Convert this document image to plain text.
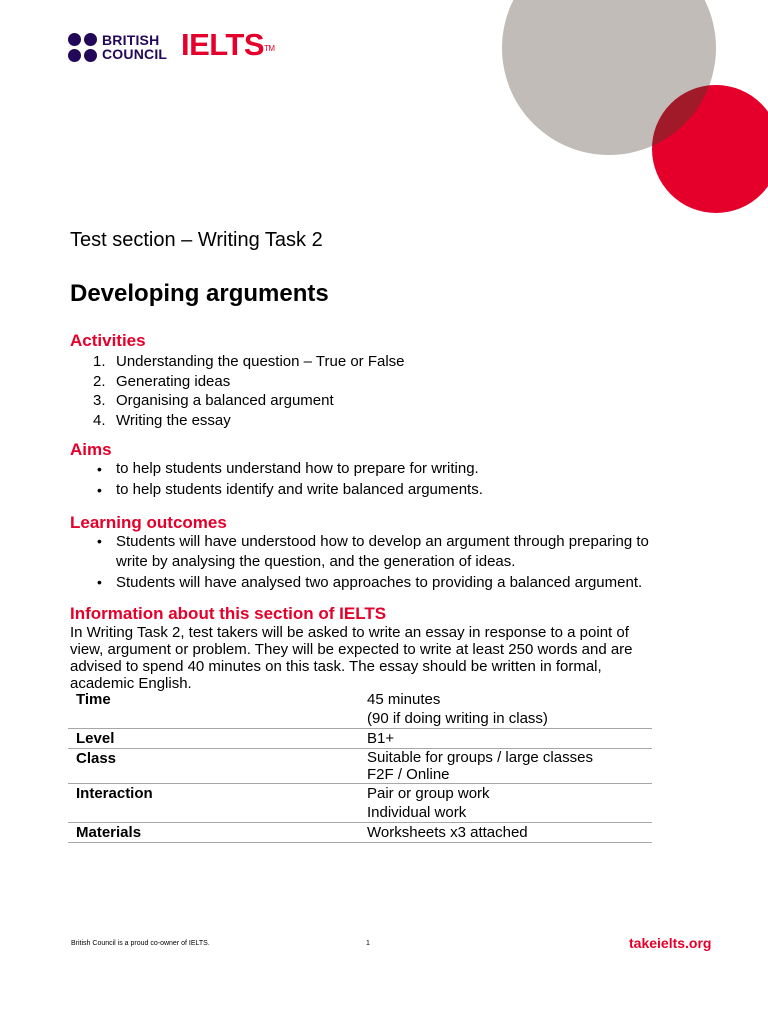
BRITISH
COUNCIL IELTS™
Test section – Writing Task 2
Developing arguments
Activities
1. Understanding the question – True or False
2. Generating ideas
3. Organising a balanced argument
4. Writing the essay
Aims
• to help students understand how to prepare for writing.
• to help students identify and write balanced arguments.
Learning outcomes
• Students will have understood how to develop an argument through preparing to write by analysing the question, and the generation of ideas.
• Students will have analysed two approaches to providing a balanced argument.
Information about this section of IELTS

In Writing Task 2, test takers will be asked to write an essay in response to a point of view, argument or problem. They will be expected to write at least 250 words and are advised to spend 40 minutes on this task. The essay should be written in formal, academic English.

Time	45 minutes
(90 if doing writing in class)

Level	B1+

Class	Suitable for groups / large classes
F2F / Online

Interaction	Pair or group work
Individual work

Materials	Worksheets x3 attached
British Council is a proud co-owner of IELTS.	1	takeielts.org
